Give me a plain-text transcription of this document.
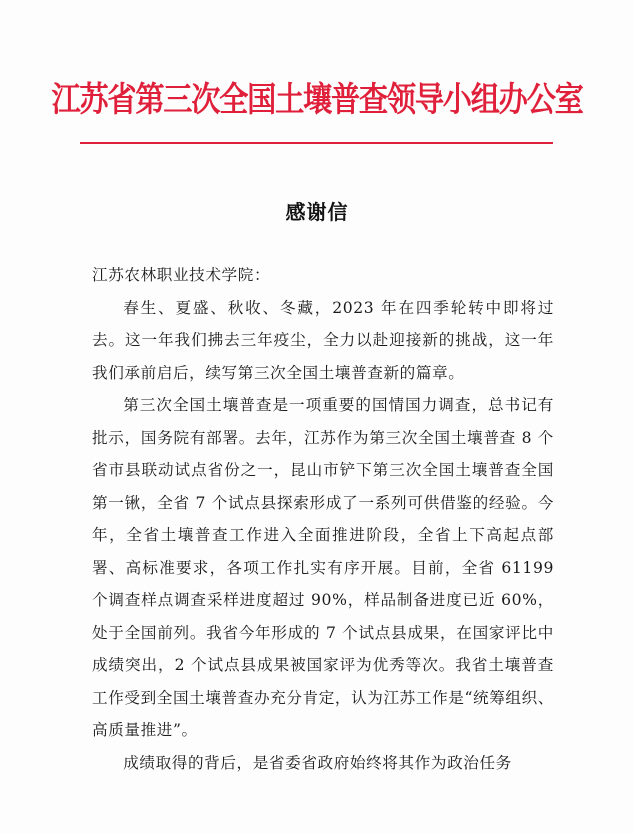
江苏省第三次全国土壤普查领导小组办公室
感谢信

江苏农林职业技术学院：

春生、夏盛、秋收、冬藏，2023 年在四季轮转中即将过去。这一年我们拂去三年疫尘，全力以赴迎接新的挑战，这一年我们承前启后，续写第三次全国土壤普查新的篇章。

第三次全国土壤普查是一项重要的国情国力调查，总书记有批示，国务院有部署。去年，江苏作为第三次全国土壤普查 8 个省市县联动试点省份之一，昆山市铲下第三次全国土壤普查全国第一锹，全省 7 个试点县探索形成了一系列可供借鉴的经验。今年，全省土壤普查工作进入全面推进阶段，全省上下高起点部署、高标准要求，各项工作扎实有序开展。目前，全省 61199 个调查样点调查采样进度超过 90%，样品制备进度已近 60%，处于全国前列。我省今年形成的 7 个试点县成果，在国家评比中成绩突出，2 个试点县成果被国家评为优秀等次。我省土壤普查工作受到全国土壤普查办充分肯定，认为江苏工作是“统筹组织、高质量推进”。

成绩取得的背后，是省委省政府始终将其作为政治任务
